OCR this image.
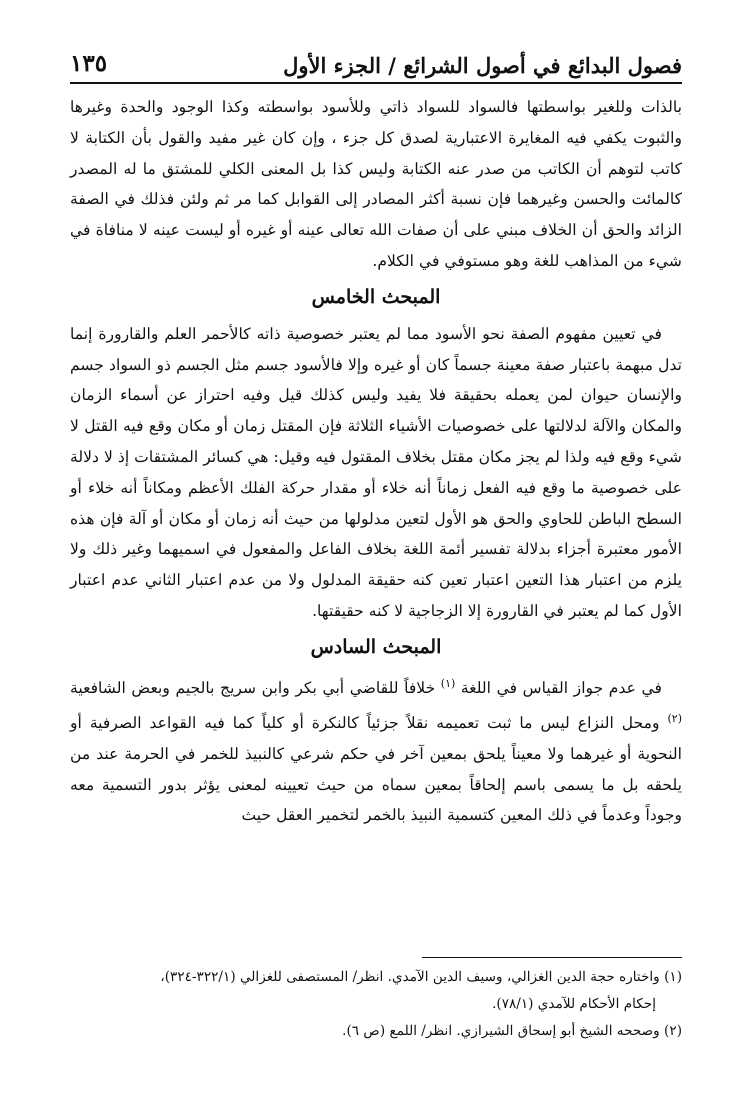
فصول البدائع في أصول الشرائع / الجزء الأول
١٣٥

بالذات وللغير بواسطتها فالسواد للسواد ذاتي وللأسود بواسطته وكذا الوجود والحدة وغيرها والثبوت يكفي فيه المغايرة الاعتبارية لصدق كل جزء ، وإن كان غير مفيد والقول بأن الكتابة لا كاتب لتوهم أن الكاتب من صدر عنه الكتابة وليس كذا بل المعنى الكلي للمشتق ما له المصدر كالمائت والحسن وغيرهما فإن نسبة أكثر المصادر إلى القوابل كما مر ثم ولئن فذلك في الصفة الزائد والحق أن الخلاف مبني على أن صفات الله تعالى عينه أو غيره أو ليست عينه لا منافاة في شيء من المذاهب للغة وهو مستوفي في الكلام.

المبحث الخامس

في تعيين مفهوم الصفة نحو الأسود مما لم يعتبر خصوصية ذاته كالأحمر العلم والقارورة إنما تدل مبهمة باعتبار صفة معينة جسماً كان أو غيره وإلا فالأسود جسم مثل الجسم ذو السواد جسم والإنسان حيوان لمن يعمله بحقيقة فلا يفيد وليس كذلك قيل وفيه احتراز عن أسماء الزمان والمكان والآلة لدلالتها على خصوصيات الأشياء الثلاثة فإن المقتل زمان أو مكان وقع فيه القتل لا شيء وقع فيه ولذا لم يجز مكان مقتل بخلاف المقتول فيه وقيل: هي كسائر المشتقات إذ لا دلالة على خصوصية ما وقع فيه الفعل زماناً أنه خلاء أو مقدار حركة الفلك الأعظم ومكاناً أنه خلاء أو السطح الباطن للحاوي والحق هو الأول لتعين مدلولها من حيث أنه زمان أو مكان أو آلة فإن هذه الأمور معتبرة أجزاء بدلالة تفسير أئمة اللغة بخلاف الفاعل والمفعول في اسميهما وغير ذلك ولا يلزم من اعتبار هذا التعين اعتبار تعين كنه حقيقة المدلول ولا من عدم اعتبار الثاني عدم اعتبار الأول كما لم يعتبر في القارورة إلا الزجاجية لا كنه حقيقتها.

المبحث السادس

في عدم جواز القياس في اللغة $^{(١)}$ خلافاً للقاضي أبي بكر وابن سريج بالجيم وبعض الشافعية $^{(٢)}$ ومحل النزاع ليس ما ثبت تعميمه نقلاً جزئياً كالنكرة أو كلياً كما فيه القواعد الصرفية أو النحوية أو غيرهما ولا معيناً يلحق بمعين آخر في حكم شرعي كالنبيذ للخمر في الحرمة عند من يلحقه بل ما يسمى باسم إلحاقاً بمعين سماه من حيث تعيينه لمعنى يؤثر بدور التسمية معه وجوداً وعدماً في ذلك المعين كتسمية النبيذ بالخمر لتخمير العقل حيث

(١) واختاره حجة الدين الغزالي، وسيف الدين الآمدي. انظر/ المستصفى للغزالي (٣٢٢/١-٣٢٤)،

إحكام الأحكام للآمدي (٧٨/١).

(٢) وصححه الشيخ أبو إسحاق الشيرازي. انظر/ اللمع (ص ٦).
